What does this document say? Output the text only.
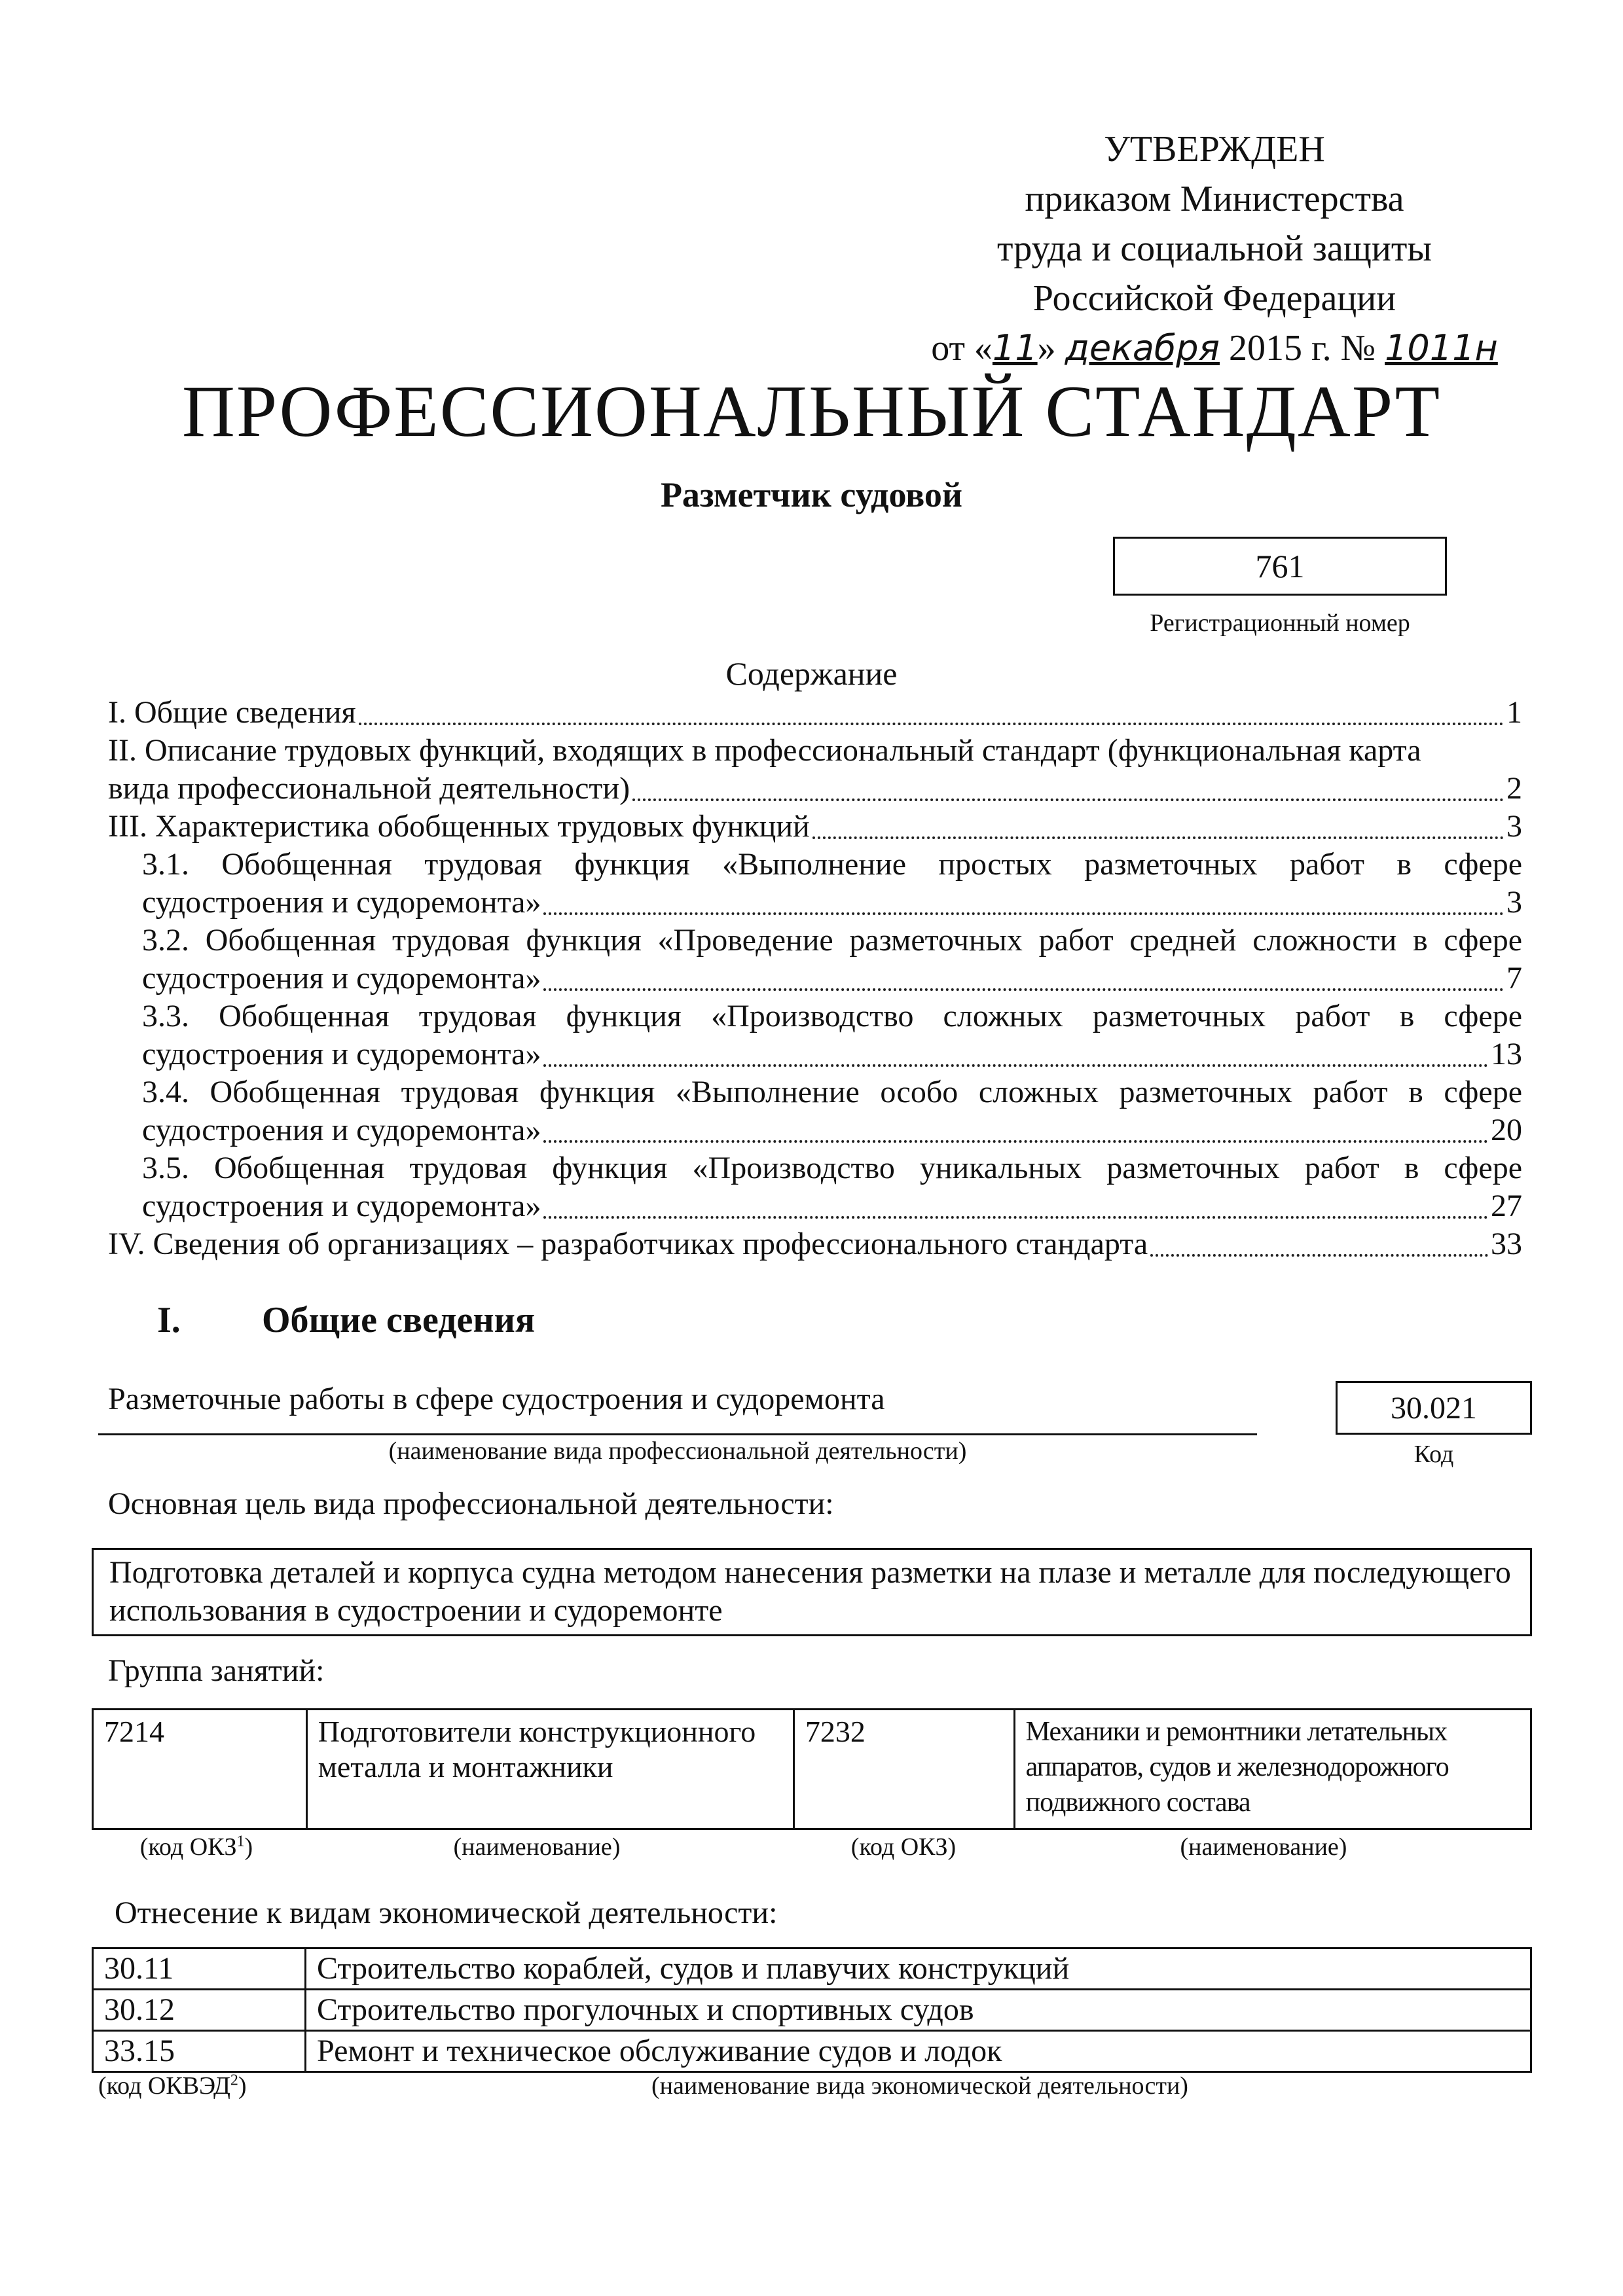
УТВЕРЖДЕН
приказом Министерства
труда и социальной защиты
Российской Федерации
от «11» декабря 2015 г. № 1011н
ПРОФЕССИОНАЛЬНЫЙ СТАНДАРТ
Разметчик судовой
761
Регистрационный номер
Содержание
I. Общие сведения	1
II. Описание трудовых функций, входящих в профессиональный стандарт (функциональная карта
вида профессиональной деятельности)	2
III. Характеристика обобщенных трудовых функций	3
3.1. Обобщенная трудовая функция «Выполнение простых разметочных работ в сфере
судостроения и судоремонта»	3
3.2. Обобщенная трудовая функция «Проведение разметочных работ средней сложности в сфере
судостроения и судоремонта»	7
3.3. Обобщенная трудовая функция «Производство сложных разметочных работ в сфере
судостроения и судоремонта»	13
3.4. Обобщенная трудовая функция «Выполнение особо сложных разметочных работ в сфере
судостроения и судоремонта»	20
3.5. Обобщенная трудовая функция «Производство уникальных разметочных работ в сфере
судостроения и судоремонта»	27
IV. Сведения об организациях – разработчиках профессионального стандарта	33
I. Общие сведения
Разметочные работы в сфере судостроения и судоремонта
(наименование вида профессиональной деятельности)
30.021
Код
Основная цель вида профессиональной деятельности:
Подготовка деталей и корпуса судна методом нанесения разметки на плазе и металле для последующего использования в судостроении и судоремонте
Группа занятий:
7214	Подготовители конструкционного металла и монтажники	7232	Механики и ремонтники летательных аппаратов, судов и железнодорожного подвижного состава
(код ОКЗ$^1$)	(наименование)	(код ОКЗ)	(наименование)
Отнесение к видам экономической деятельности:
30.11	Строительство кораблей, судов и плавучих конструкций
30.12	Строительство прогулочных и спортивных судов
33.15	Ремонт и техническое обслуживание судов и лодок
(код ОКВЭД$^2$)	(наименование вида экономической деятельности)
